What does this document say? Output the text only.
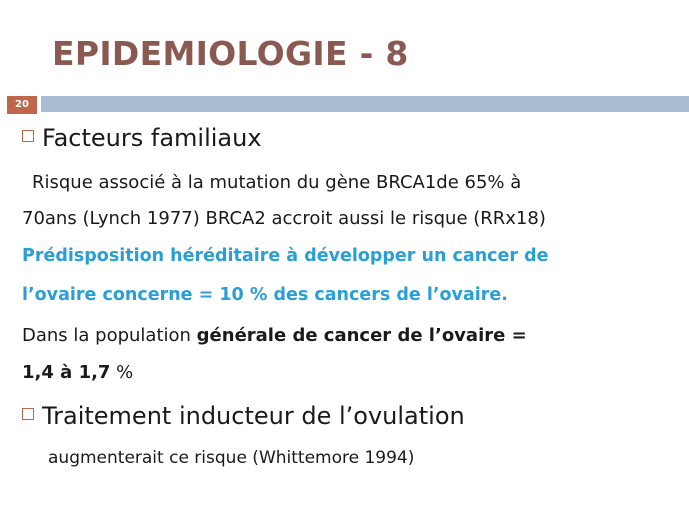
EPIDEMIOLOGIE - 8
20
Facteurs familiaux
Risque associé à la mutation du gène BRCA1de 65% à
70ans (Lynch 1977) BRCA2 accroit aussi le risque (RRx18)
Prédisposition héréditaire à développer un cancer de
l’ovaire concerne = 10 % des cancers de l’ovaire.
Dans la population générale de cancer de l’ovaire =
1,4 à 1,7 %
Traitement inducteur de l’ovulation
augmenterait ce risque (Whittemore 1994)
